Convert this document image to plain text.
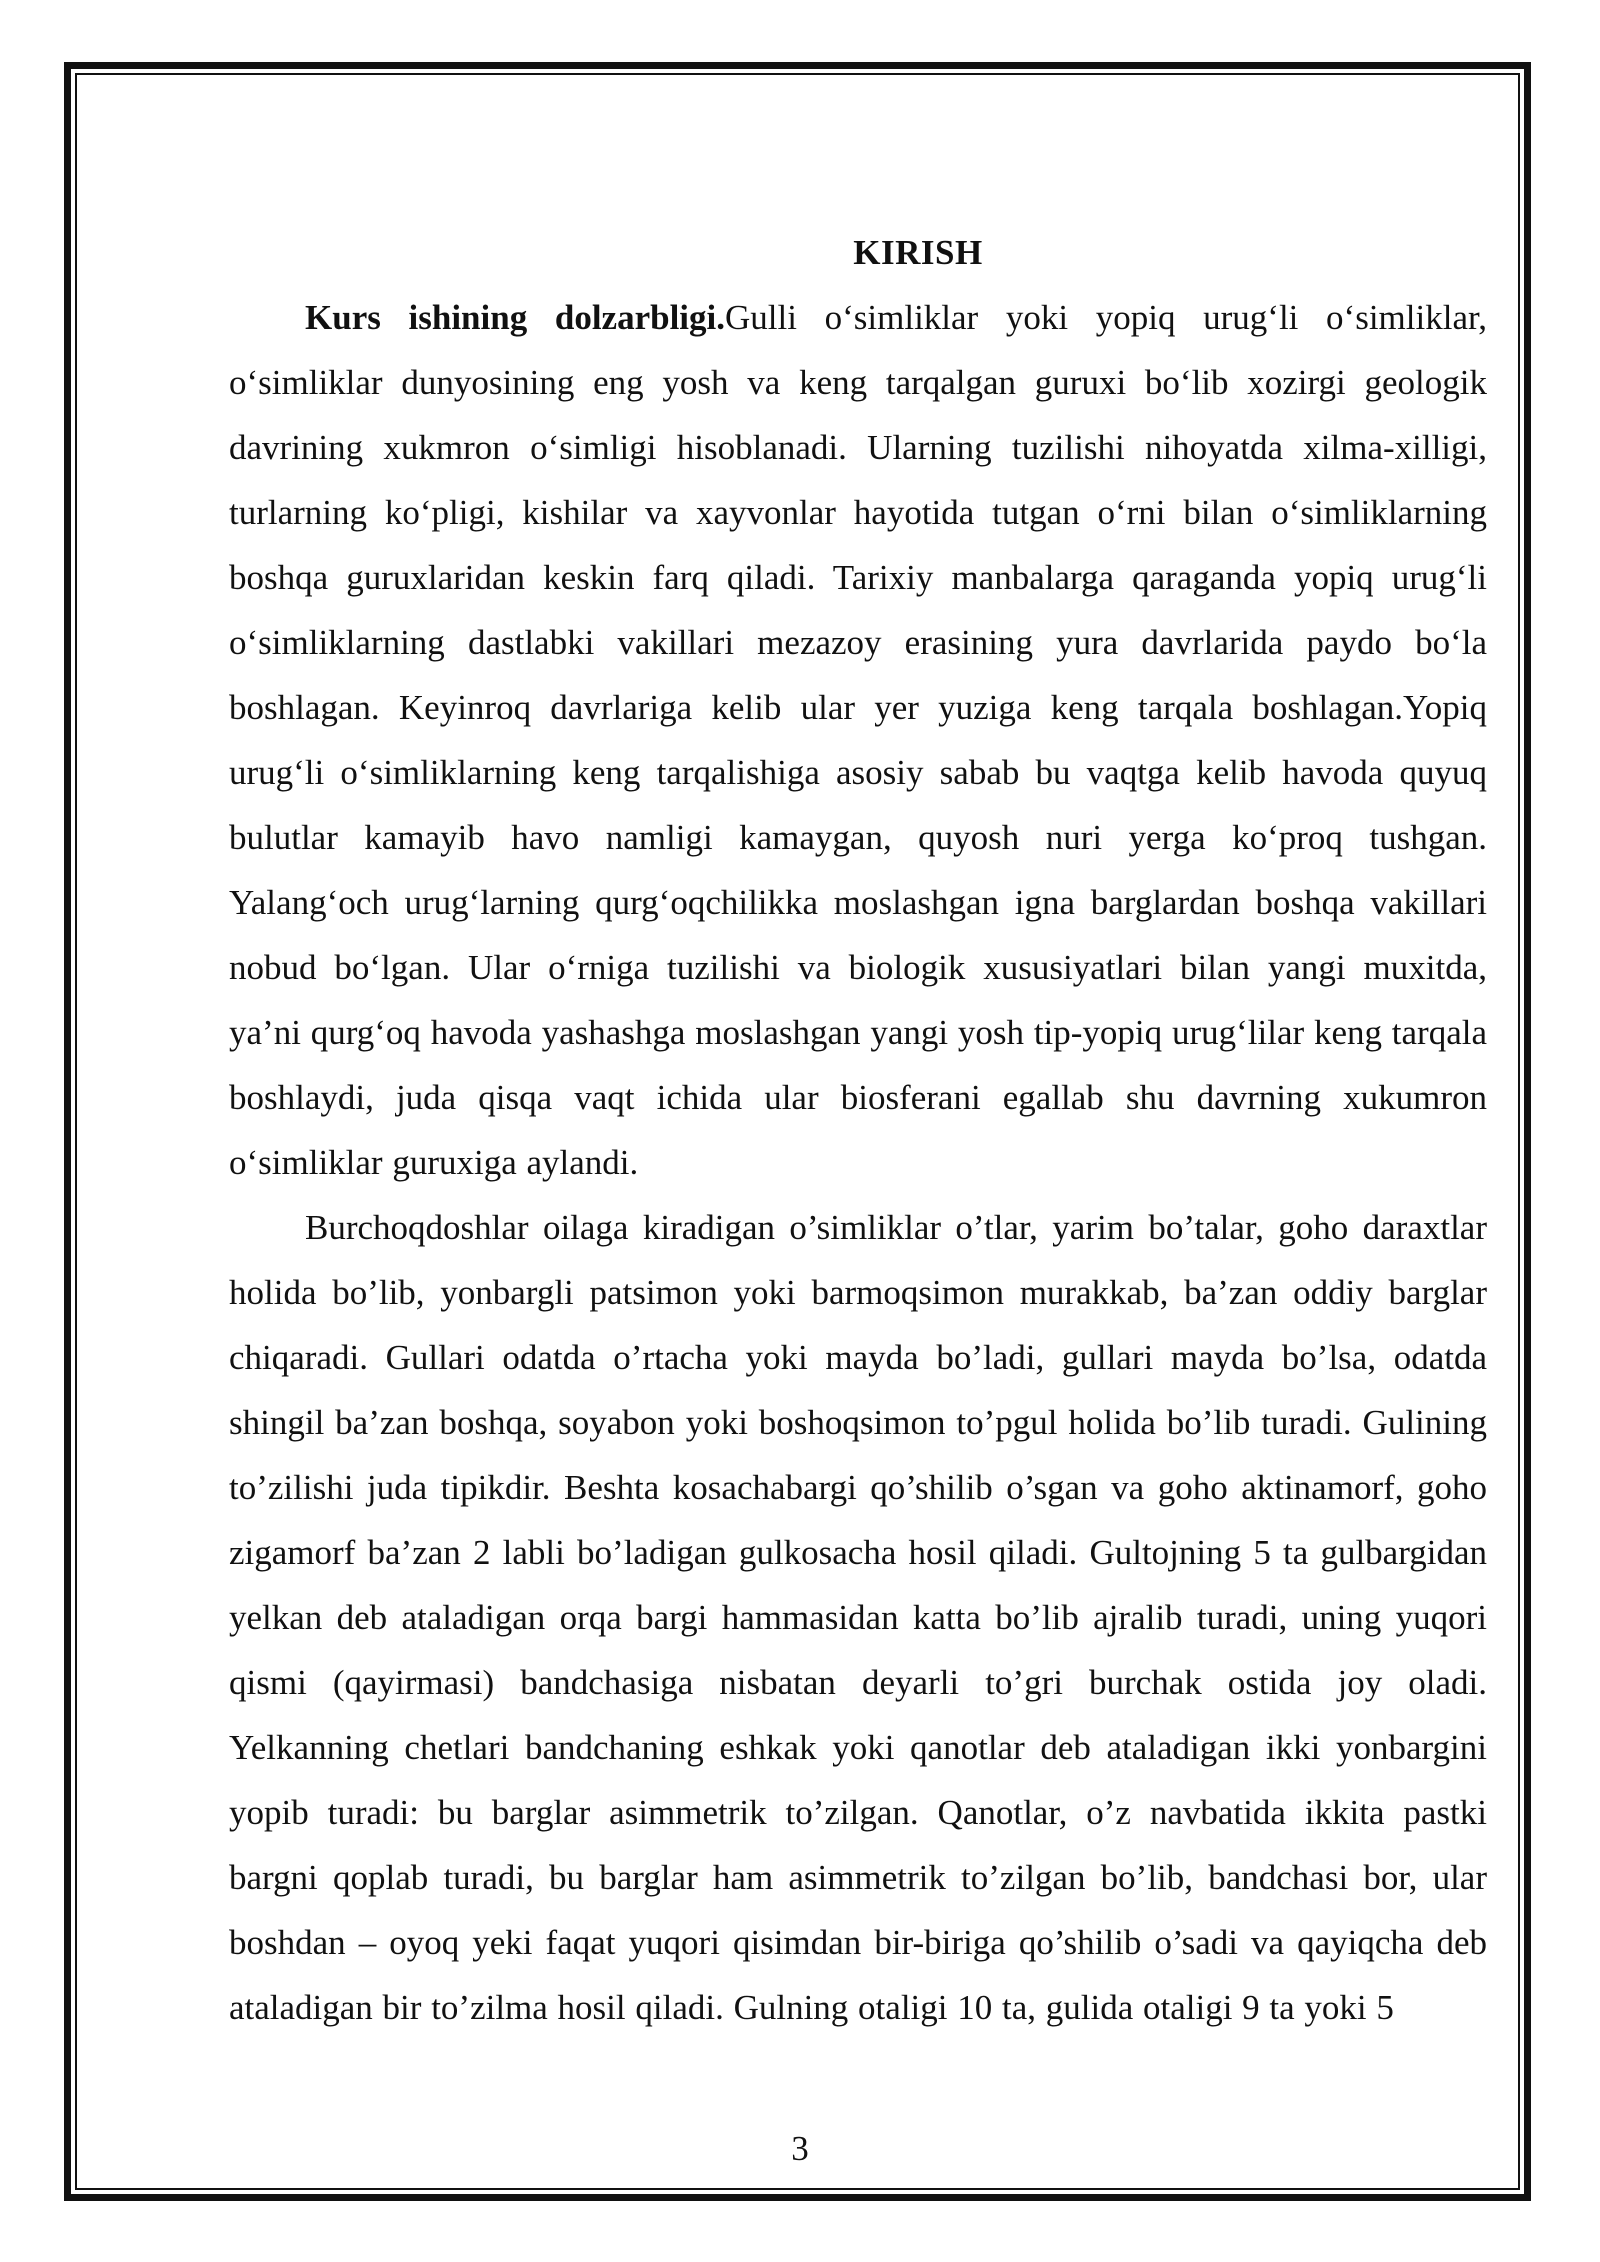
KIRISH

Kurs ishining dolzarbligi.Gulli o‘simliklar yoki yopiq urug‘li o‘simliklar, o‘simliklar dunyosining eng yosh va keng tarqalgan guruxi bo‘lib xozirgi geologik davrining xukmron o‘simligi hisoblanadi. Ularning tuzilishi nihoyatda xilma-xilligi, turlarning ko‘pligi, kishilar va xayvonlar hayotida tutgan o‘rni bilan o‘simliklarning boshqa guruxlaridan keskin farq qiladi. Tarixiy manbalarga qaraganda yopiq urug‘li o‘simliklarning dastlabki vakillari mezazoy erasining yura davrlarida paydo bo‘la boshlagan. Keyinroq davrlariga kelib ular yer yuziga keng tarqala boshlagan.Yopiq urug‘li o‘simliklarning keng tarqalishiga asosiy sabab bu vaqtga kelib havoda quyuq bulutlar kamayib havo namligi kamaygan, quyosh nuri yerga ko‘proq tushgan. Yalang‘och urug‘larning qurg‘oqchilikka moslashgan igna barglardan boshqa vakillari nobud bo‘lgan. Ular o‘rniga tuzilishi va biologik xususiyatlari bilan yangi muxitda, ya’ni qurg‘oq havoda yashashga moslashgan yangi yosh tip-yopiq urug‘lilar keng tarqala boshlaydi, juda qisqa vaqt ichida ular biosferani egallab shu davrning xukumron o‘simliklar guruxiga aylandi.

Burchoqdoshlar oilaga kiradigan o’simliklar o’tlar, yarim bo’talar, goho daraxtlar holida bo’lib, yonbargli patsimon yoki barmoqsimon murakkab, ba’zan oddiy barglar chiqaradi. Gullari odatda o’rtacha yoki mayda bo’ladi, gullari mayda bo’lsa, odatda shingil ba’zan boshqa, soyabon yoki boshoqsimon to’pgul holida bo’lib turadi. Gulining to’zilishi juda tipikdir. Beshta kosachabargi qo’shilib o’sgan va goho aktinamorf, goho zigamorf ba’zan 2 labli bo’ladigan gulkosacha hosil qiladi. Gultojning 5 ta gulbargidan yelkan deb ataladigan orqa bargi hammasidan katta bo’lib ajralib turadi, uning yuqori qismi (qayirmasi) bandchasiga nisbatan deyarli to’gri burchak ostida joy oladi. Yelkanning chetlari bandchaning eshkak yoki qanotlar deb ataladigan ikki yonbargini yopib turadi: bu barglar asimmetrik to’zilgan. Qanotlar, o’z navbatida ikkita pastki bargni qoplab turadi, bu barglar ham asimmetrik to’zilgan bo’lib, bandchasi bor, ular boshdan – oyoq yeki faqat yuqori qisimdan bir-biriga qo’shilib o’sadi va qayiqcha deb ataladigan bir to’zilma hosil qiladi. Gulning otaligi 10 ta, gulida otaligi 9 ta yoki 5

3
